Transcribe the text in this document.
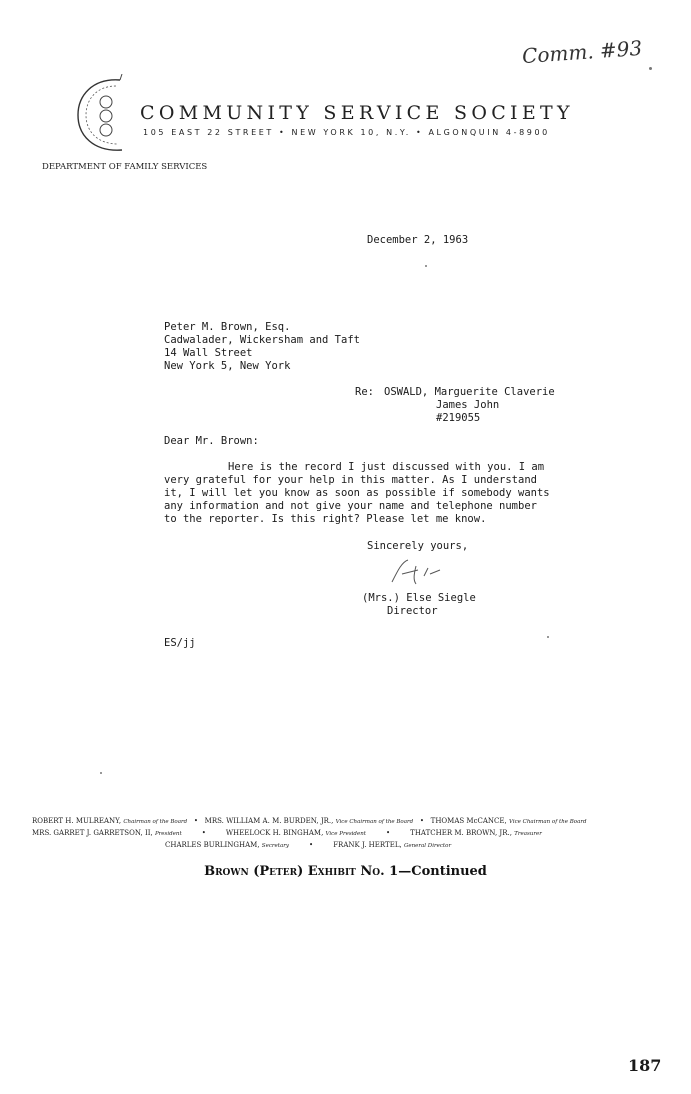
Comm. #93
COMMUNITY SERVICE SOCIETY
105 EAST 22 STREET • NEW YORK 10, N.Y. • ALGONQUIN 4-8900
DEPARTMENT OF FAMILY SERVICES
December 2, 1963
Peter M. Brown, Esq.
Cadwalader, Wickersham and Taft
14 Wall Street
New York 5, New York
Re: OSWALD, Marguerite Claverie
James John
#219055
Dear Mr. Brown:
Here is the record I just discussed with you. I am
very grateful for your help in this matter. As I understand
it, I will let you know as soon as possible if somebody wants
any information and not give your name and telephone number
to the reporter. Is this right? Please let me know.
Sincerely yours,
(Mrs.) Else Siegle
Director
ES/jj
ROBERT H. MULREANY, Chairman of the Board   •   MRS. WILLIAM A. M. BURDEN, JR., Vice Chairman of the Board   •   THOMAS McCANCE, Vice Chairman of the Board
MRS. GARRET J. GARRETSON, II, President         •         WHEELOCK H. BINGHAM, Vice President         •         THATCHER M. BROWN, JR., Treasurer
CHARLES BURLINGHAM, Secretary         •         FRANK J. HERTEL, General Director
Brown (Peter) Exhibit No. 1—Continued
187
